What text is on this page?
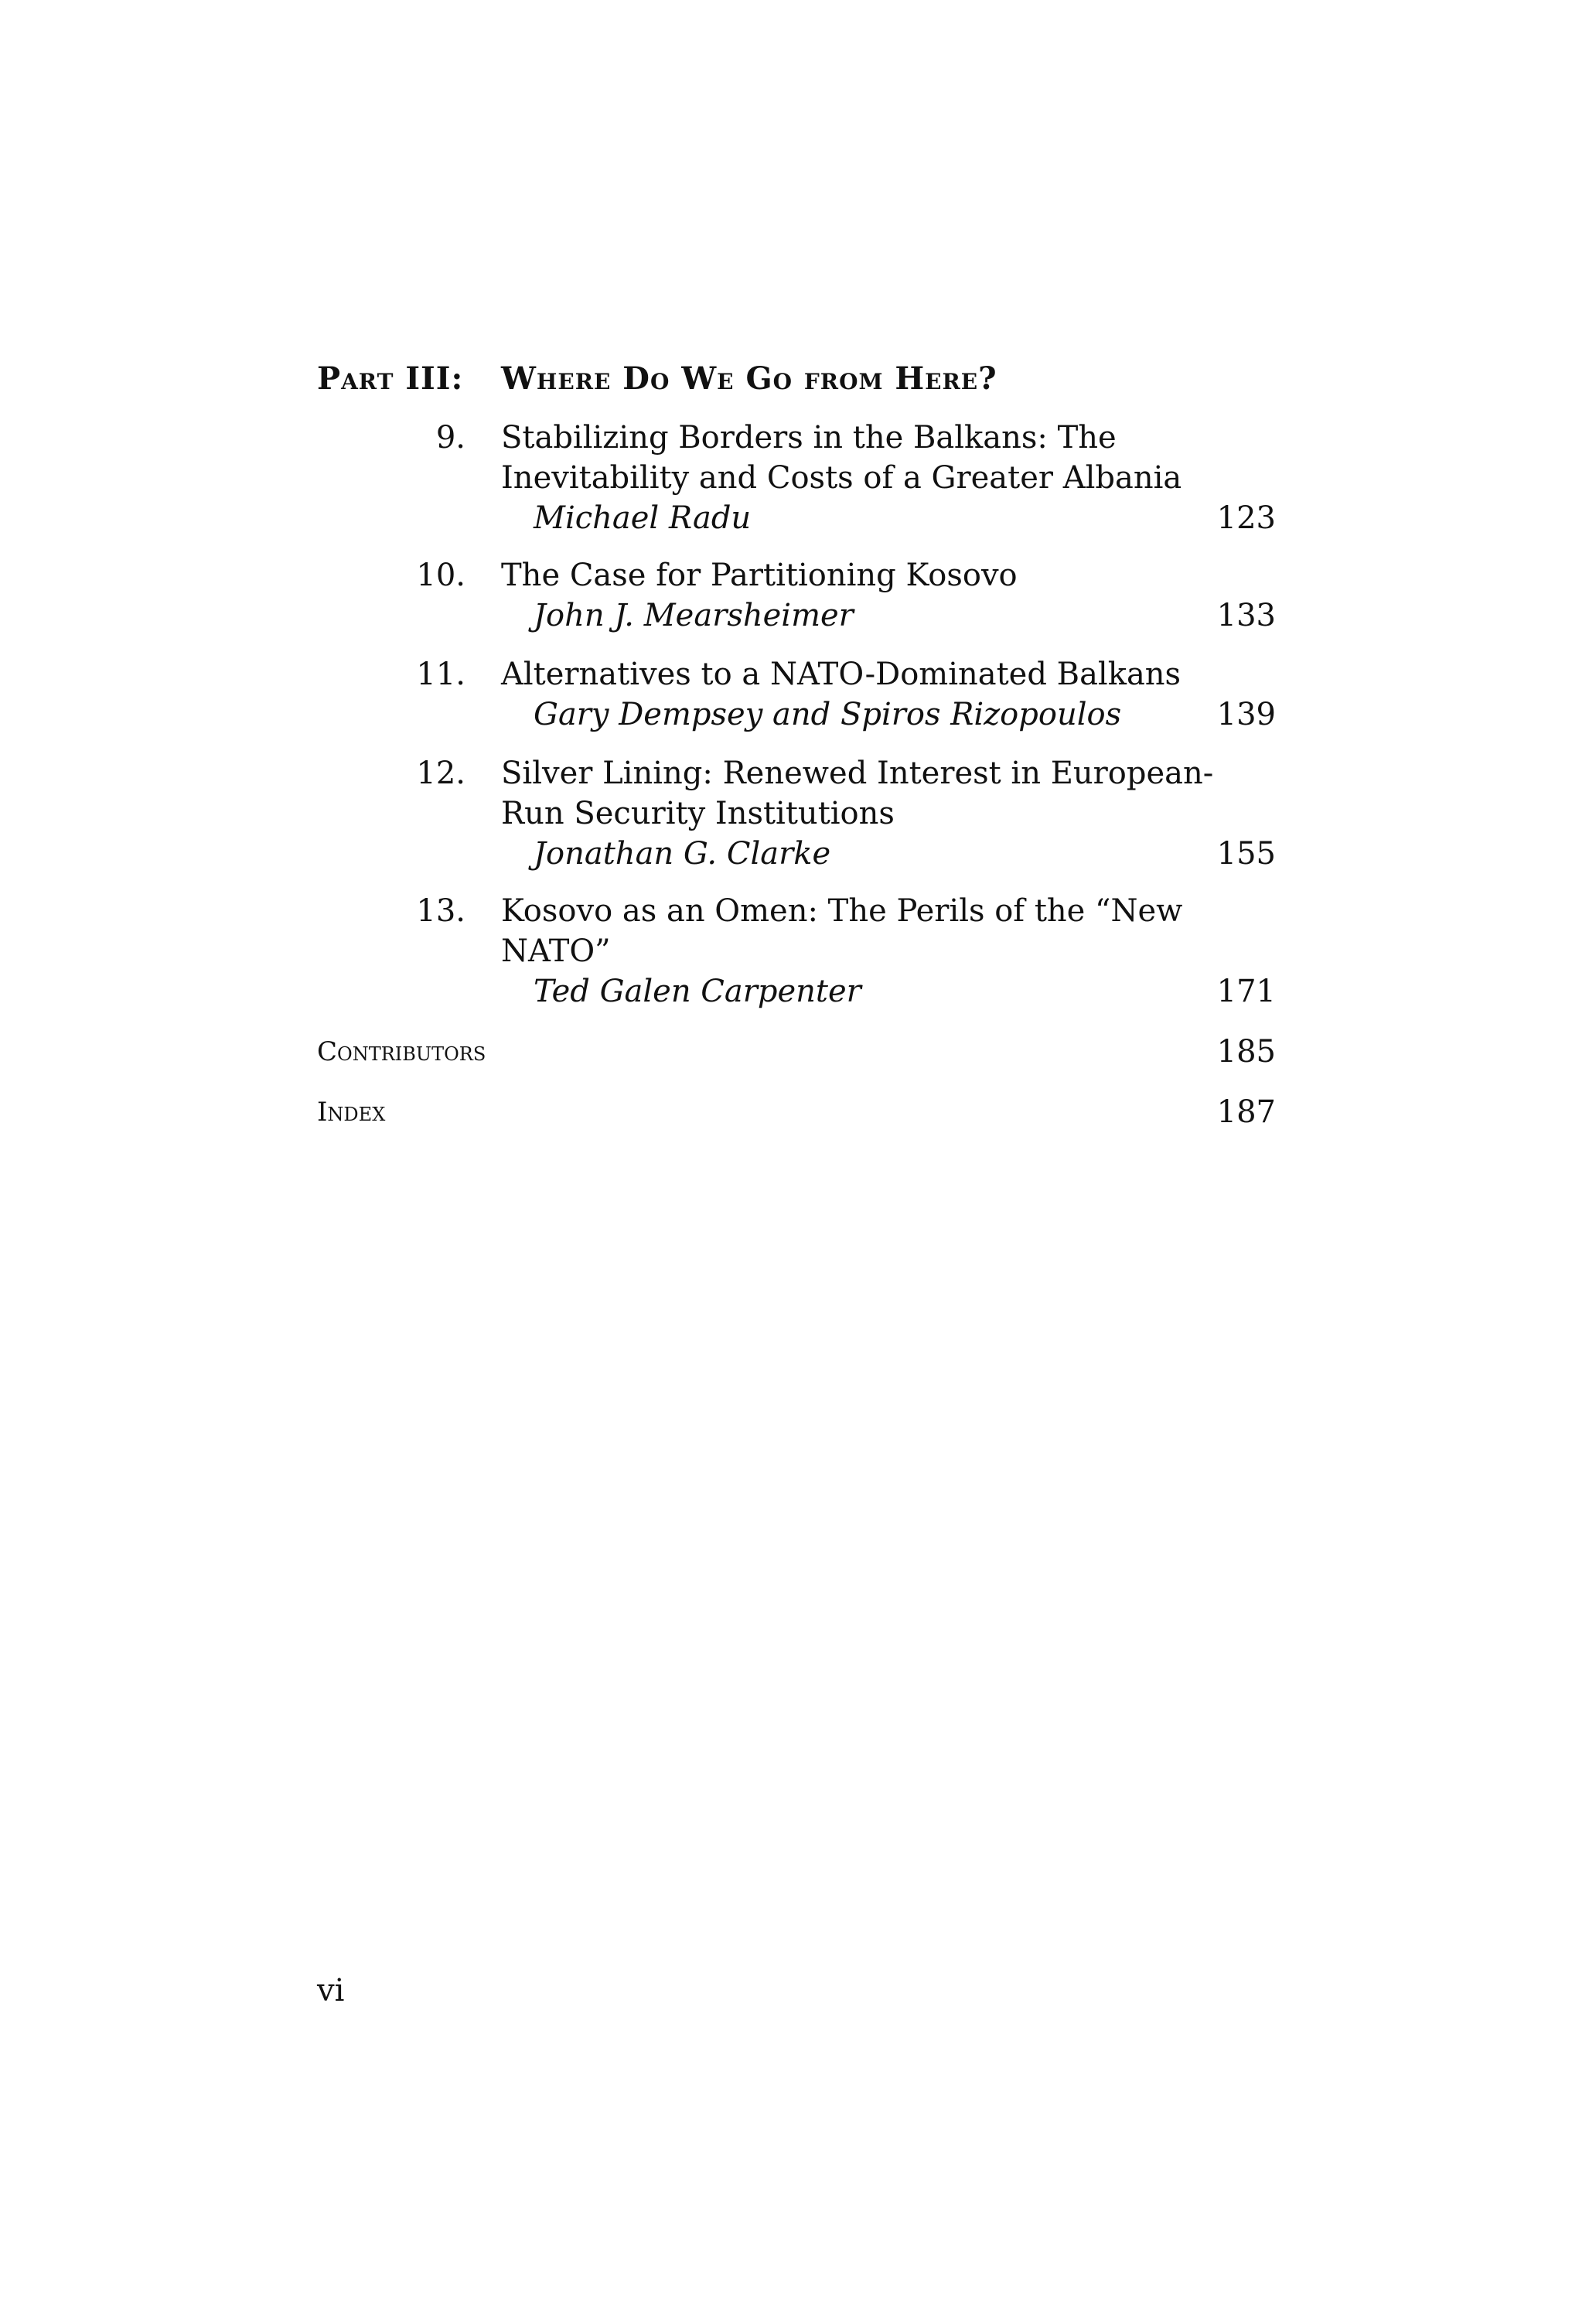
Part III: Where Do We Go from Here?
9. Stabilizing Borders in the Balkans: The
Inevitability and Costs of a Greater Albania
Michael Radu	123
10. The Case for Partitioning Kosovo
John J. Mearsheimer	133
11. Alternatives to a NATO-Dominated Balkans
Gary Dempsey and Spiros Rizopoulos	139
12. Silver Lining: Renewed Interest in European-
Run Security Institutions
Jonathan G. Clarke	155
13. Kosovo as an Omen: The Perils of the “New
NATO”
Ted Galen Carpenter	171
Contributors	185
Index	187
vi
